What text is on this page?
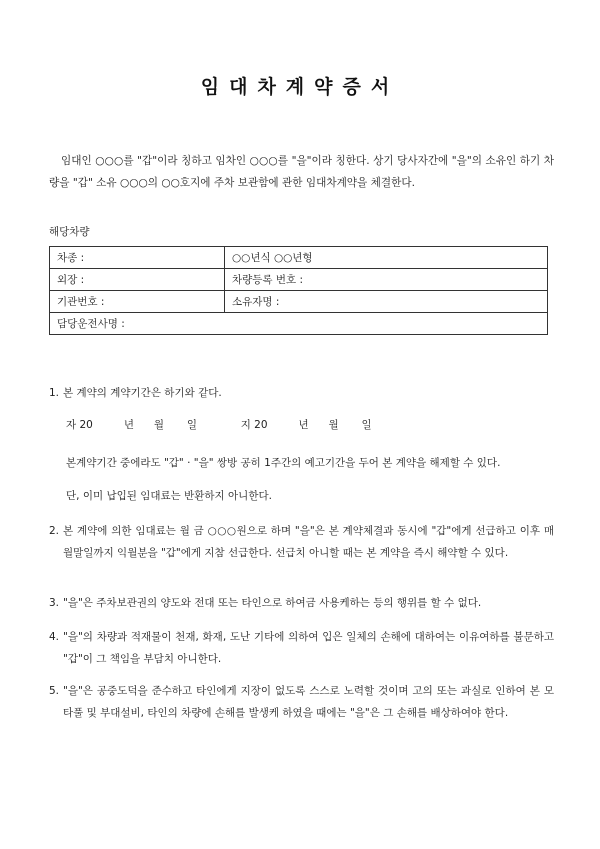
임대차계약증서
임대인 ○○○를 "갑"이라 칭하고 임차인 ○○○를 "을"이라 칭한다. 상기 당사자간에 "을"의 소유인 하기 차량을 "갑" 소유 ○○○의 ○○호지에 주차 보관함에 관한 임대차계약을 체결한다.
해당차량
차종 :	○○년식 ○○년형
외장 :	차량등록 번호 :
기관번호 :	소유자명 :
담당운전사명 :	
1. 본 계약의 계약기간은 하기와 같다.
자 20	년 월 일	지 20	년 월 일
본계약기간 중에라도 "갑" · "을" 쌍방 공히 1주간의 예고기간을 두어 본 계약을 해제할 수 있다.
단, 이미 납입된 임대료는 반환하지 아니한다.
2. 본 계약에 의한 임대료는 월 금 ○○○원으로 하며 "을"은 본 계약체결과 동시에 "갑"에게 선급하고 이후 매월말일까지 익월분을 "갑"에게 지참 선급한다. 선급치 아니할 때는 본 계약을 즉시 해약할 수 있다.
3. "을"은 주차보관권의 양도와 전대 또는 타인으로 하여금 사용케하는 등의 행위를 할 수 없다.
4. "을"의 차량과 적재물이 천재, 화재, 도난 기타에 의하여 입은 일체의 손해에 대하여는 이유여하를 불문하고 "갑"이 그 책임을 부담치 아니한다.
5. "을"은 공중도덕을 준수하고 타인에게 지장이 없도록 스스로 노력할 것이며 고의 또는 과실로 인하여 본 모타풀 및 부대설비, 타인의 차량에 손해를 발생케 하였을 때에는 "을"은 그 손해를 배상하여야 한다.
